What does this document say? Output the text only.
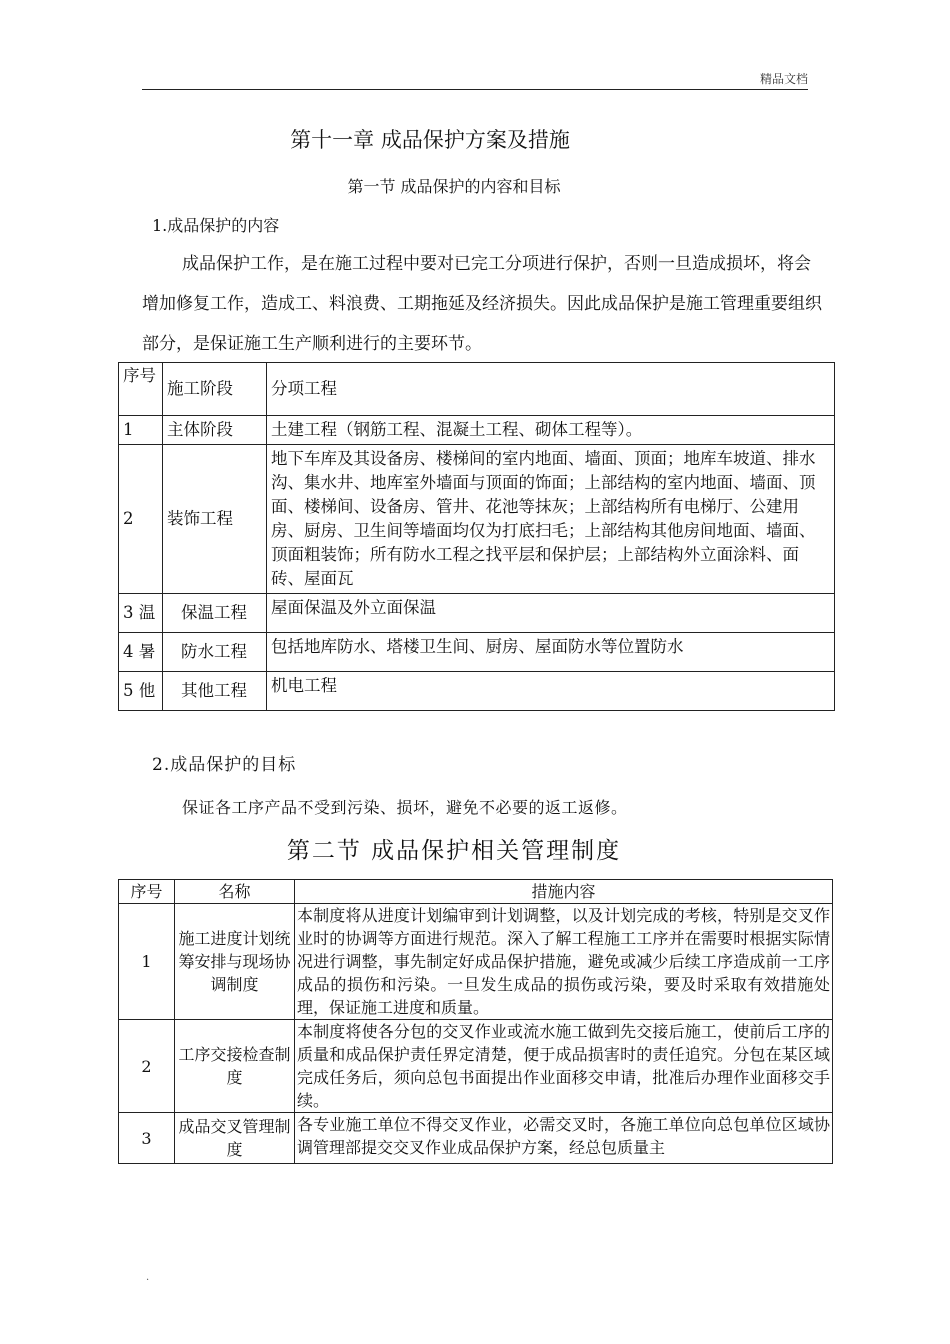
精品文档
第十一章 成品保护方案及措施
第一节 成品保护的内容和目标
1.成品保护的内容
成品保护工作，是在施工过程中要对已完工分项进行保护，否则一旦造成损坏，将会增加修复工作，造成工、料浪费、工期拖延及经济损失。因此成品保护是施工管理重要组织部分，是保证施工生产顺利进行的主要环节。
序号	施工阶段	分项工程
1	主体阶段	土建工程（钢筋工程、混凝土工程、砌体工程等）。
2	装饰工程	地下车库及其设备房、楼梯间的室内地面、墙面、顶面；地库车坡道、排水沟、集水井、地库室外墙面与顶面的饰面；上部结构的室内地面、墙面、顶面、楼梯间、设备房、管井、花池等抹灰；上部结构所有电梯厅、公建用房、厨房、卫生间等墙面均仅为打底扫毛；上部结构其他房间地面、墙面、顶面粗装饰；所有防水工程之找平层和保护层；上部结构外立面涂料、面砖、屋面瓦
3 温	保温工程	屋面保温及外立面保温
4 暑	防水工程	包括地库防水、塔楼卫生间、厨房、屋面防水等位置防水
5 他	其他工程	机电工程
2.成品保护的目标
保证各工序产品不受到污染、损坏，避免不必要的返工返修。
第二节 成品保护相关管理制度
序号	名称	措施内容
1	施工进度计划统筹安排与现场协调制度	本制度将从进度计划编审到计划调整，以及计划完成的考核，特别是交叉作业时的协调等方面进行规范。深入了解工程施工工序并在需要时根据实际情况进行调整，事先制定好成品保护措施，避免或减少后续工序造成前一工序成品的损伤和污染。一旦发生成品的损伤或污染，要及时采取有效措施处理，保证施工进度和质量。
2	工序交接检查制度	本制度将使各分包的交叉作业或流水施工做到先交接后施工，使前后工序的质量和成品保护责任界定清楚，便于成品损害时的责任追究。分包在某区域完成任务后，须向总包书面提出作业面移交申请，批准后办理作业面移交手续。
3	成品交叉管理制度	各专业施工单位不得交叉作业，必需交叉时，各施工单位向总包单位区域协调管理部提交交叉作业成品保护方案，经总包质量主
.
